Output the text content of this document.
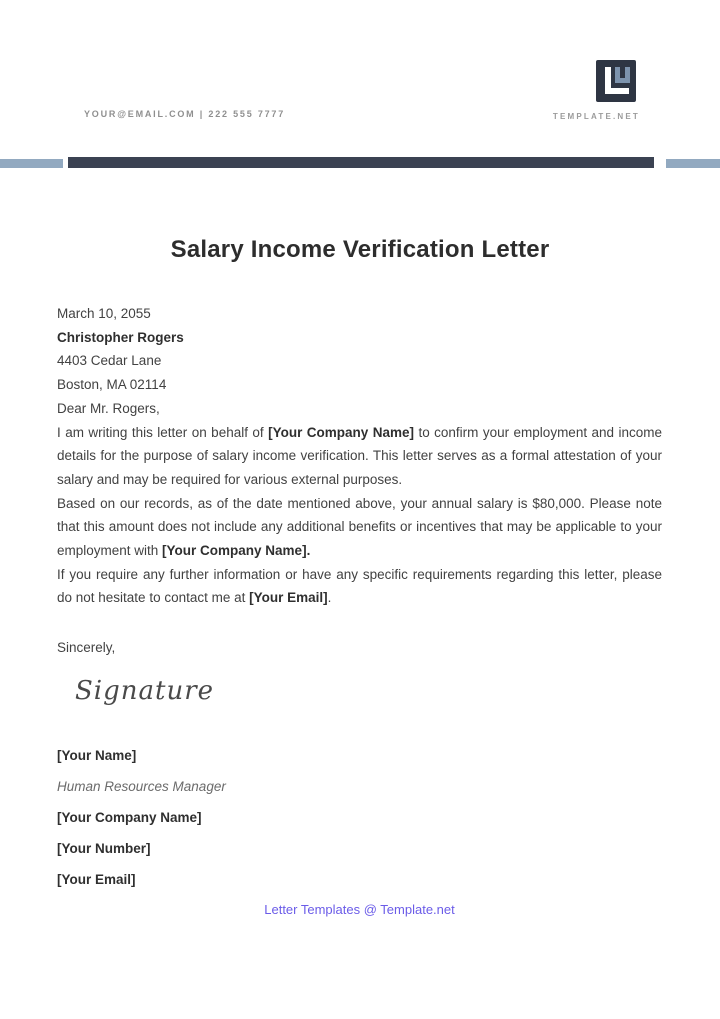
YOUR@EMAIL.COM | 222 555 7777	TEMPLATE.NET
Salary Income Verification Letter

March 10, 2055

Christopher Rogers

4403 Cedar Lane

Boston, MA 02114

Dear Mr. Rogers,

I am writing this letter on behalf of [Your Company Name] to confirm your employment and income details for the purpose of salary income verification. This letter serves as a formal attestation of your salary and may be required for various external purposes.

Based on our records, as of the date mentioned above, your annual salary is $80,000. Please note that this amount does not include any additional benefits or incentives that may be applicable to your employment with [Your Company Name].

If you require any further information or have any specific requirements regarding this letter, please do not hesitate to contact me at [Your Email].

Sincerely,

Signature

[Your Name]

Human Resources Manager

[Your Company Name]

[Your Number]

[Your Email]

Letter Templates @ Template.net
